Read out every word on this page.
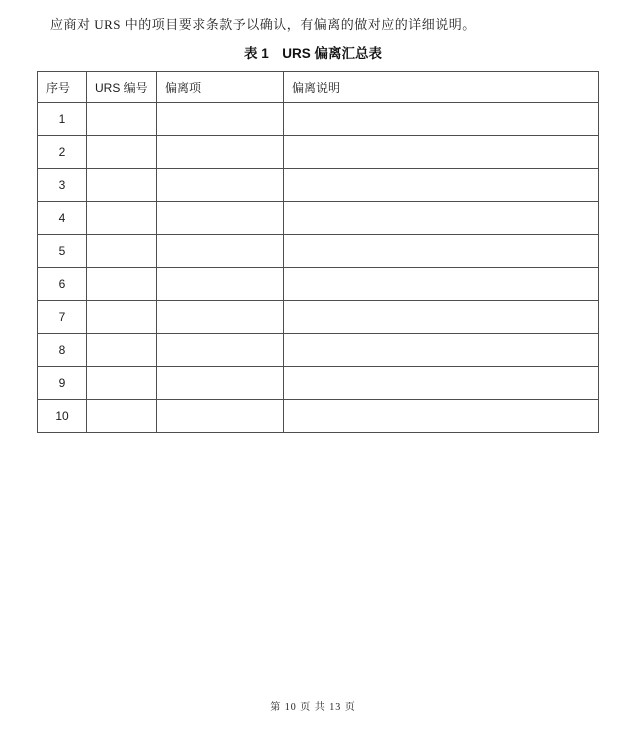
应商对 URS 中的项目要求条款予以确认，有偏离的做对应的详细说明。

表 1　URS 偏离汇总表
序号	URS 编号	偏离项	偏离说明
1			
2			
3			
4			
5			
6			
7			
8			
9			
10			
第 10 页 共 13 页
